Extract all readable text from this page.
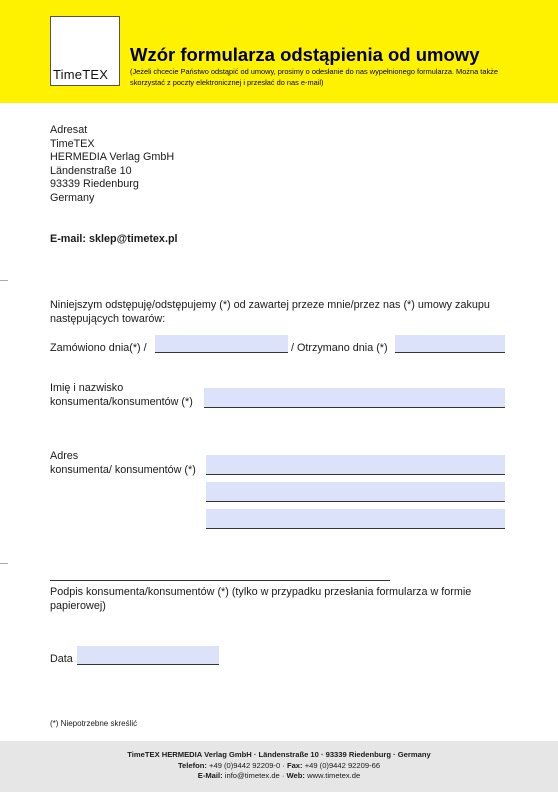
TimeTEX
Wzór formularza odstąpienia od umowy
(Jeżeli chcecie Państwo odstąpić od umowy, prosimy o odesłanie do nas wypełnionego formularza. Można także skorzystać z poczty elektronicznej i przesłać do nas e-mail)
Adresat
TimeTEX
HERMEDIA Verlag GmbH
Ländenstraße 10
93339 Riedenburg
Germany
E-mail: sklep@timetex.pl
Niniejszym odstępuję/odstępujemy (*) od zawartej przeze mnie/przez nas (*) umowy zakupu następujących towarów:
Zamówiono dnia(*) /	/ Otrzymano dnia (*)
Imię i nazwisko
konsumenta/konsumentów (*)
Adres
konsumenta/ konsumentów (*)
Podpis konsumenta/konsumentów (*) (tylko w przypadku przesłania formularza w formie papierowej)
Data
(*) Niepotrzebne skreślić
TimeTEX HERMEDIA Verlag GmbH · Ländenstraße 10 · 93339 Riedenburg · Germany
Telefon: +49 (0)9442 92209-0 · Fax: +49 (0)9442 92209-66
E-Mail: info@timetex.de · Web: www.timetex.de
